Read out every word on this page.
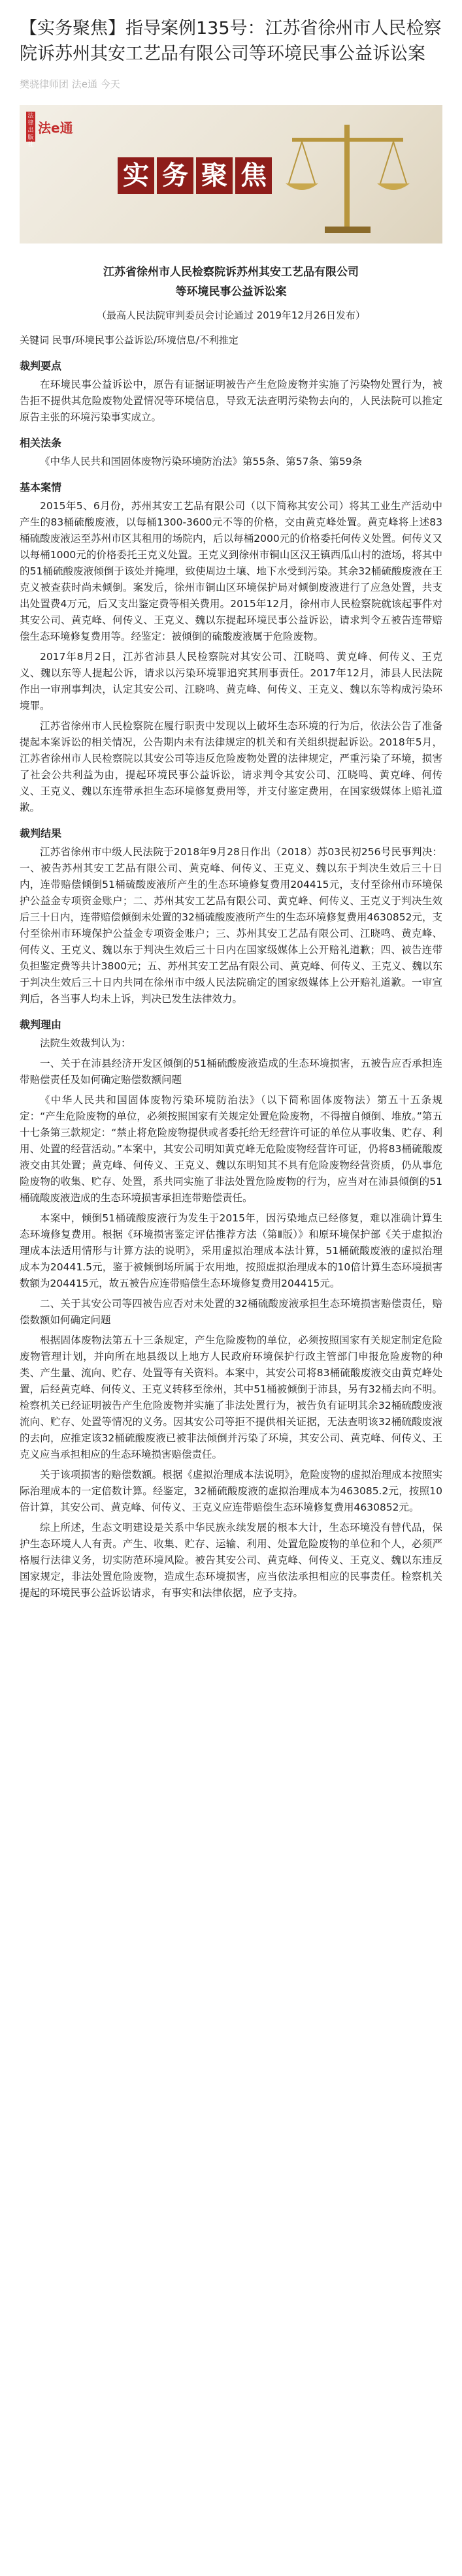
【实务聚焦】指导案例135号：江苏省徐州市人民检察院诉苏州其安工艺品有限公司等环境民事公益诉讼案
樊骁律师团 法e通 今天
法律出版社
法e通
实 务 聚 焦

江苏省徐州市人民检察院诉苏州其安工艺品有限公司

等环境民事公益诉讼案

（最高人民法院审判委员会讨论通过 2019年12月26日发布）

关键词 民事/环境民事公益诉讼/环境信息/不利推定

裁判要点

在环境民事公益诉讼中，原告有证据证明被告产生危险废物并实施了污染物处置行为，被告拒不提供其危险废物处置情况等环境信息，导致无法查明污染物去向的，人民法院可以推定原告主张的环境污染事实成立。

相关法条

《中华人民共和国固体废物污染环境防治法》第55条、第57条、第59条

基本案情

2015年5、6月份，苏州其安工艺品有限公司（以下简称其安公司）将其工业生产活动中产生的83桶硫酸废液，以每桶1300-3600元不等的价格，交由黄克峰处置。黄克峰将上述83桶硫酸废液运至苏州市区其租用的场院内，后以每桶2000元的价格委托何传义处置。何传义又以每桶1000元的价格委托王克义处置。王克义到徐州市铜山区汉王镇西瓜山村的渣场，将其中的51桶硫酸废液倾倒于该处并掩埋，致使周边土壤、地下水受到污染。其余32桶硫酸废液在王克义被查获时尚未倾倒。案发后，徐州市铜山区环境保护局对倾倒废液进行了应急处置，共支出处置费4万元，后又支出鉴定费等相关费用。2015年12月，徐州市人民检察院就该起事件对其安公司、黄克峰、何传义、王克义、魏以东提起环境民事公益诉讼，请求判令五被告连带赔偿生态环境修复费用等。经鉴定：被倾倒的硫酸废液属于危险废物。

2017年8月2日，江苏省沛县人民检察院对其安公司、江晓鸣、黄克峰、何传义、王克义、魏以东等人提起公诉，请求以污染环境罪追究其刑事责任。2017年12月，沛县人民法院作出一审刑事判决，认定其安公司、江晓鸣、黄克峰、何传义、王克义、魏以东等构成污染环境罪。

江苏省徐州市人民检察院在履行职责中发现以上破坏生态环境的行为后，依法公告了准备提起本案诉讼的相关情况，公告期内未有法律规定的机关和有关组织提起诉讼。2018年5月，江苏省徐州市人民检察院以其安公司等违反危险废物处置的法律规定，严重污染了环境，损害了社会公共利益为由，提起环境民事公益诉讼，请求判令其安公司、江晓鸣、黄克峰、何传义、王克义、魏以东连带承担生态环境修复费用等，并支付鉴定费用，在国家级媒体上赔礼道歉。

裁判结果

江苏省徐州市中级人民法院于2018年9月28日作出（2018）苏03民初256号民事判决：一、被告苏州其安工艺品有限公司、黄克峰、何传义、王克义、魏以东于判决生效后三十日内，连带赔偿倾倒51桶硫酸废液所产生的生态环境修复费用204415元，支付至徐州市环境保护公益金专项资金账户；二、苏州其安工艺品有限公司、黄克峰、何传义、王克义于判决生效后三十日内，连带赔偿倾倒未处置的32桶硫酸废液所产生的生态环境修复费用4630852元，支付至徐州市环境保护公益金专项资金账户；三、苏州其安工艺品有限公司、江晓鸣、黄克峰、何传义、王克义、魏以东于判决生效后三十日内在国家级媒体上公开赔礼道歉；四、被告连带负担鉴定费等共计3800元；五、苏州其安工艺品有限公司、黄克峰、何传义、王克义、魏以东于判决生效后三十日内共同在徐州市中级人民法院确定的国家级媒体上公开赔礼道歉。一审宣判后，各当事人均未上诉，判决已发生法律效力。

裁判理由

法院生效裁判认为：

一、关于在沛县经济开发区倾倒的51桶硫酸废液造成的生态环境损害，五被告应否承担连带赔偿责任及如何确定赔偿数额问题

《中华人民共和国固体废物污染环境防治法》（以下简称固体废物法）第五十五条规定：“产生危险废物的单位，必须按照国家有关规定处置危险废物，不得擅自倾倒、堆放。”第五十七条第三款规定：“禁止将危险废物提供或者委托给无经营许可证的单位从事收集、贮存、利用、处置的经营活动。”本案中，其安公司明知黄克峰无危险废物经营许可证，仍将83桶硫酸废液交由其处置；黄克峰、何传义、王克义、魏以东明知其不具有危险废物经营资质，仍从事危险废物的收集、贮存、处置，系共同实施了非法处置危险废物的行为，应当对在沛县倾倒的51桶硫酸废液造成的生态环境损害承担连带赔偿责任。

本案中，倾倒51桶硫酸废液行为发生于2015年，因污染地点已经修复，难以准确计算生态环境修复费用。根据《环境损害鉴定评估推荐方法（第Ⅱ版）》和原环境保护部《关于虚拟治理成本法适用情形与计算方法的说明》，采用虚拟治理成本法计算，51桶硫酸废液的虚拟治理成本为20441.5元，鉴于被倾倒场所属于农用地，按照虚拟治理成本的10倍计算生态环境损害数额为204415元，故五被告应连带赔偿生态环境修复费用204415元。

二、关于其安公司等四被告应否对未处置的32桶硫酸废液承担生态环境损害赔偿责任，赔偿数额如何确定问题

根据固体废物法第五十三条规定，产生危险废物的单位，必须按照国家有关规定制定危险废物管理计划，并向所在地县级以上地方人民政府环境保护行政主管部门申报危险废物的种类、产生量、流向、贮存、处置等有关资料。本案中，其安公司将83桶硫酸废液交由黄克峰处置，后经黄克峰、何传义、王克义转移至徐州，其中51桶被倾倒于沛县，另有32桶去向不明。检察机关已经证明被告产生危险废物并实施了非法处置行为，被告负有证明其余32桶硫酸废液流向、贮存、处置等情况的义务。因其安公司等拒不提供相关证据，无法查明该32桶硫酸废液的去向，应推定该32桶硫酸废液已被非法倾倒并污染了环境，其安公司、黄克峰、何传义、王克义应当承担相应的生态环境损害赔偿责任。

关于该项损害的赔偿数额。根据《虚拟治理成本法说明》，危险废物的虚拟治理成本按照实际治理成本的一定倍数计算。经鉴定，32桶硫酸废液的虚拟治理成本为463085.2元，按照10倍计算，其安公司、黄克峰、何传义、王克义应连带赔偿生态环境修复费用4630852元。

综上所述，生态文明建设是关系中华民族永续发展的根本大计，生态环境没有替代品，保护生态环境人人有责。产生、收集、贮存、运输、利用、处置危险废物的单位和个人，必须严格履行法律义务，切实防范环境风险。被告其安公司、黄克峰、何传义、王克义、魏以东违反国家规定，非法处置危险废物，造成生态环境损害，应当依法承担相应的民事责任。检察机关提起的环境民事公益诉讼请求，有事实和法律依据，应予支持。
